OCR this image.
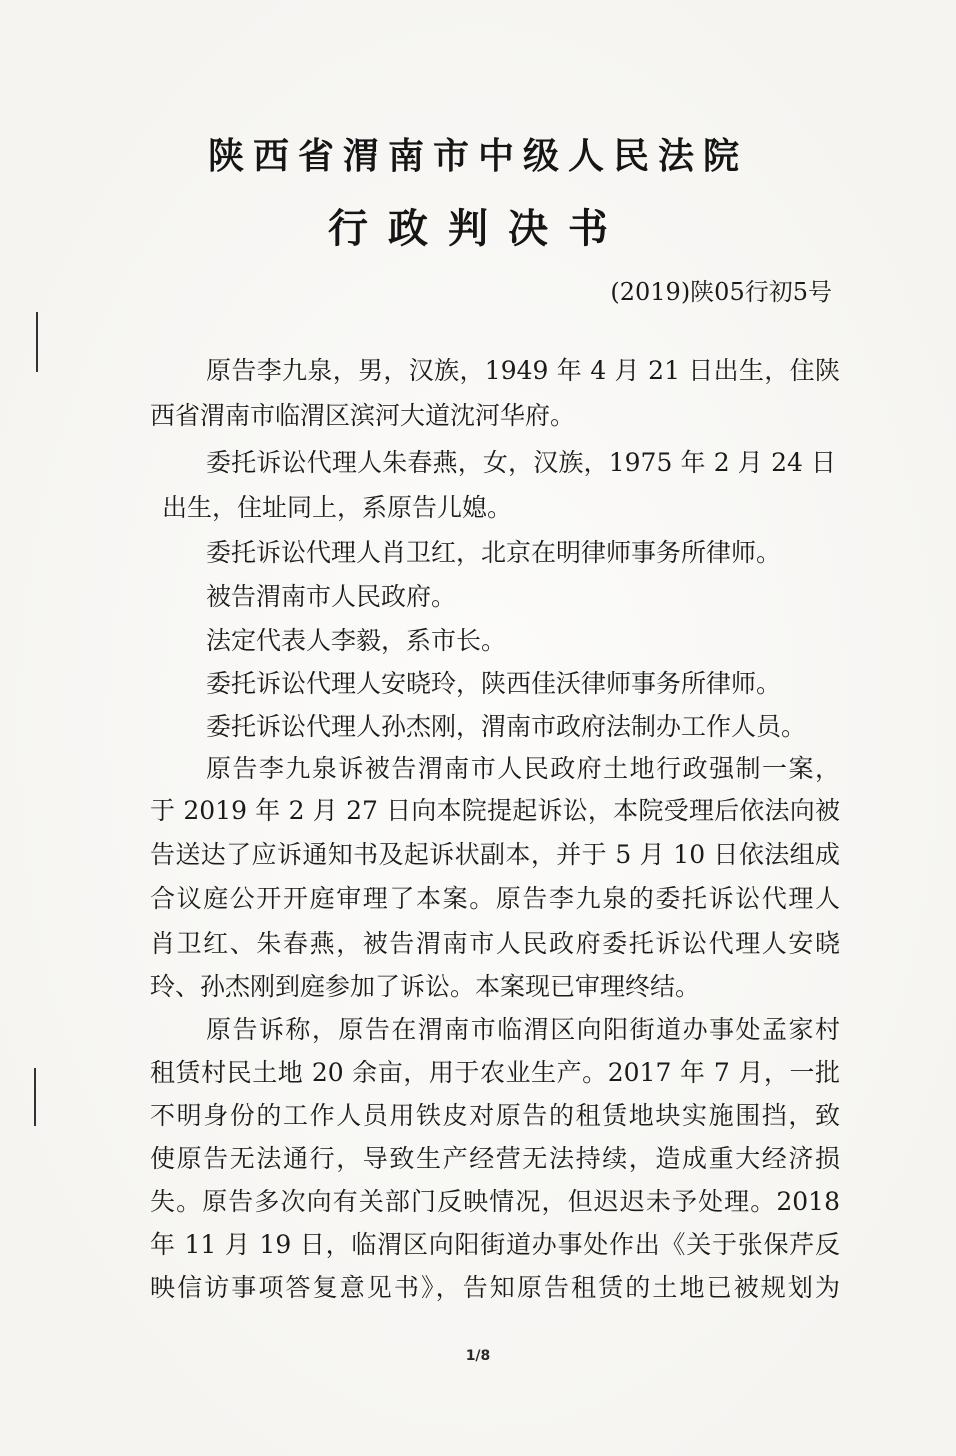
陕西省渭南市中级人民法院
行政判决书
(2019)陕05行初5号
原告李九泉，男，汉族，1949 年 4 月 21 日出生，住陕
西省渭南市临渭区滨河大道沈河华府。
委托诉讼代理人朱春燕，女，汉族，1975 年 2 月 24 日
出生，住址同上，系原告儿媳。
委托诉讼代理人肖卫红，北京在明律师事务所律师。
被告渭南市人民政府。
法定代表人李毅，系市长。
委托诉讼代理人安晓玲，陕西佳沃律师事务所律师。
委托诉讼代理人孙杰刚，渭南市政府法制办工作人员。
原告李九泉诉被告渭南市人民政府土地行政强制一案，
于 2019 年 2 月 27 日向本院提起诉讼，本院受理后依法向被
告送达了应诉通知书及起诉状副本，并于 5 月 10 日依法组成
合议庭公开开庭审理了本案。原告李九泉的委托诉讼代理人
肖卫红、朱春燕，被告渭南市人民政府委托诉讼代理人安晓
玲、孙杰刚到庭参加了诉讼。本案现已审理终结。
原告诉称，原告在渭南市临渭区向阳街道办事处孟家村
租赁村民土地 20 余亩，用于农业生产。2017 年 7 月，一批
不明身份的工作人员用铁皮对原告的租赁地块实施围挡，致
使原告无法通行，导致生产经营无法持续，造成重大经济损
失。原告多次向有关部门反映情况，但迟迟未予处理。2018
年 11 月 19 日，临渭区向阳街道办事处作出《关于张保芹反
映信访事项答复意见书》，告知原告租赁的土地已被规划为
1/8
